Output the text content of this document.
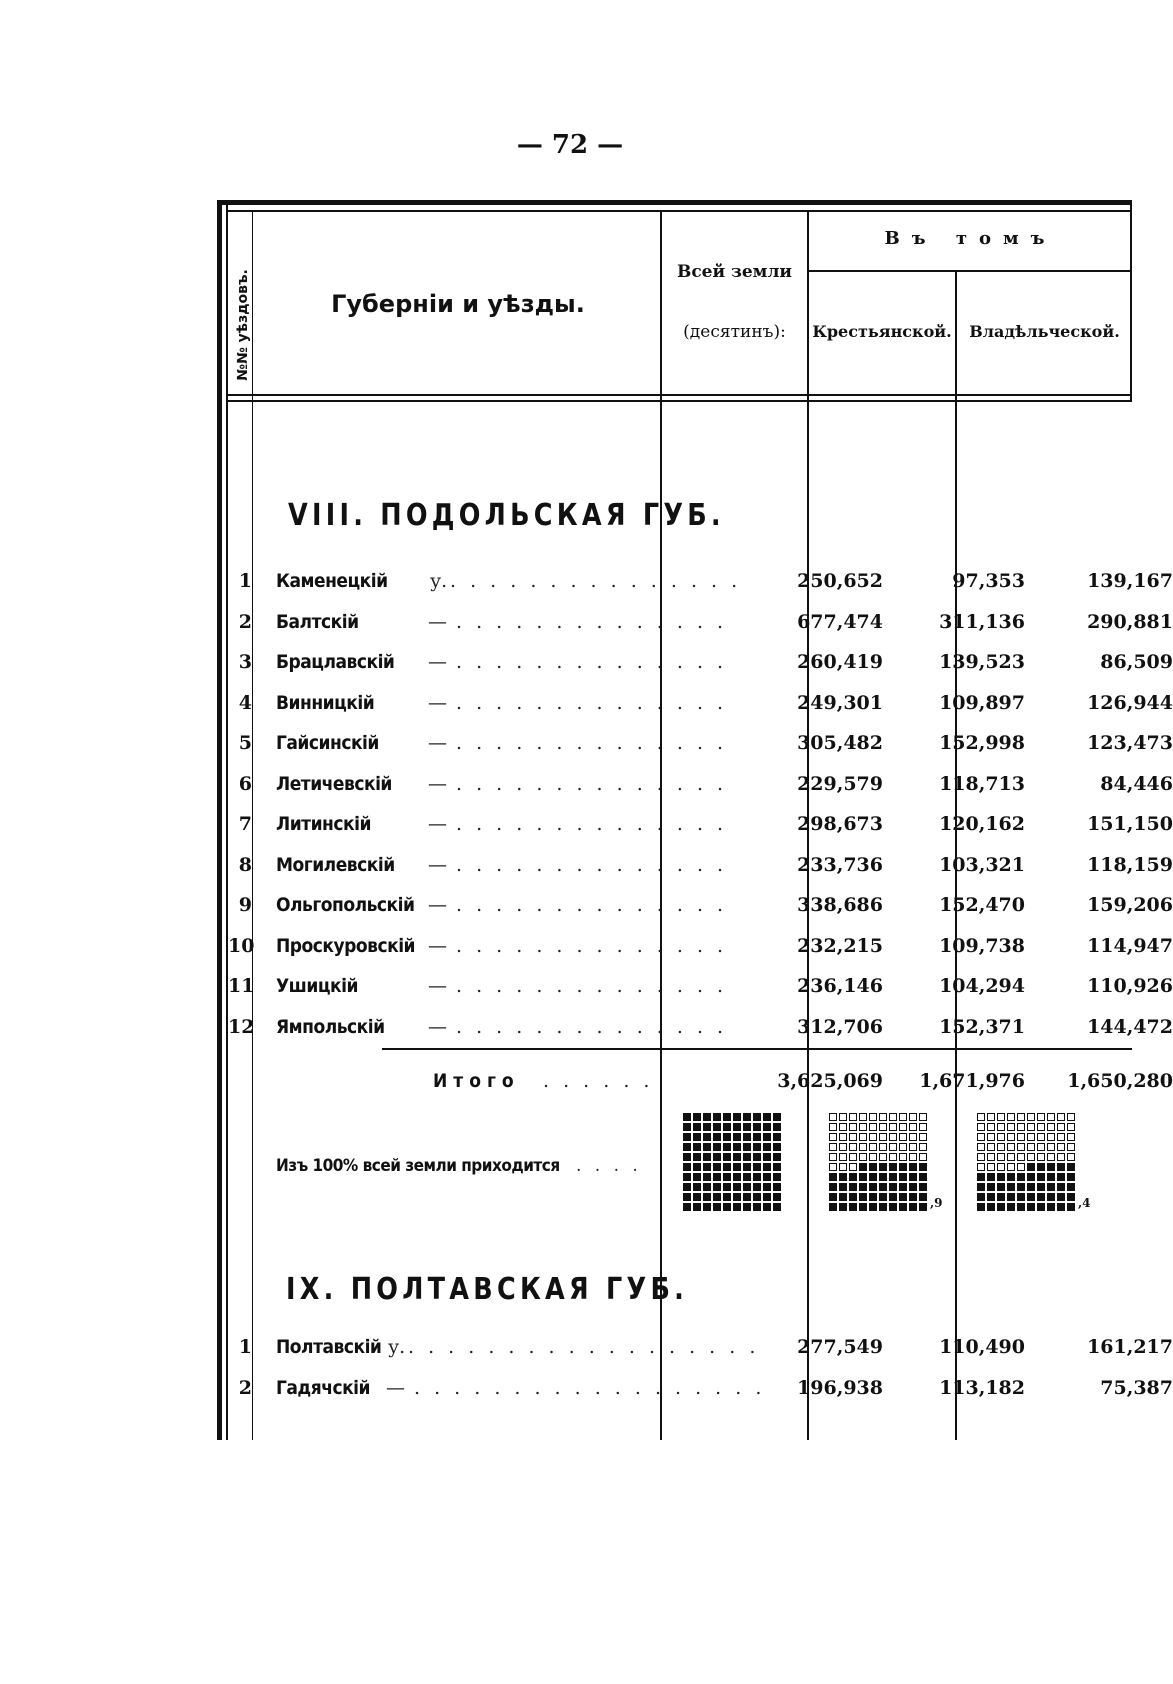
— 72 —
№№ уѣздовъ.	Губерніи и уѣзды.
Всей земли
(десятинъ):
Въ томъ
Крестьянской.	Владѣльческой.
VIII. ПОДОЛЬСКАЯ ГУБ.
1 Каменецкій у.	250,652	97,353	139,167
. . . . . . . . . . . . . . .
2 Балтскій	—	677,474	311,136	290,881
. . . . . . . . . . . . . .
3 Брацлавскій —	260,419	139,523	86,509
. . . . . . . . . . . . . .
4 Винницкій	—	249,301	109,897	126,944
. . . . . . . . . . . . . .
5 Гайсинскій	—	305,482	152,998	123,473
. . . . . . . . . . . . . .
6 Летичевскій —	229,579	118,713	84,446
. . . . . . . . . . . . . .
7 Литинскій	—	298,673	120,162	151,150
. . . . . . . . . . . . . .
8 Могилевскій —	233,736	103,321	118,159
. . . . . . . . . . . . . .
9 Ольгопольскій —	338,686	152,470	159,206
. . . . . . . . . . . . . .
10 Проскуровскій —	232,215	109,738	114,947
. . . . . . . . . . . . . .
11 Ушицкій	—	236,146	104,294	110,926
. . . . . . . . . . . . . .
12 Ямпольскій —	312,706	152,371	144,472
. . . . . . . . . . . . . .
Итого . . . . . .	3,625,069	1,671,976	1,650,280
Изъ 100% всей земли приходится . . . .
,9	,4
IX. ПОЛТАВСКАЯ ГУБ.
1 Полтавскій у.	277,549	110,490	161,217
. . . . . . . . . . . . . . . . . .
2 Гадячскій —	196,938	113,182	75,387
. . . . . . . . . . . . . . . . . .
